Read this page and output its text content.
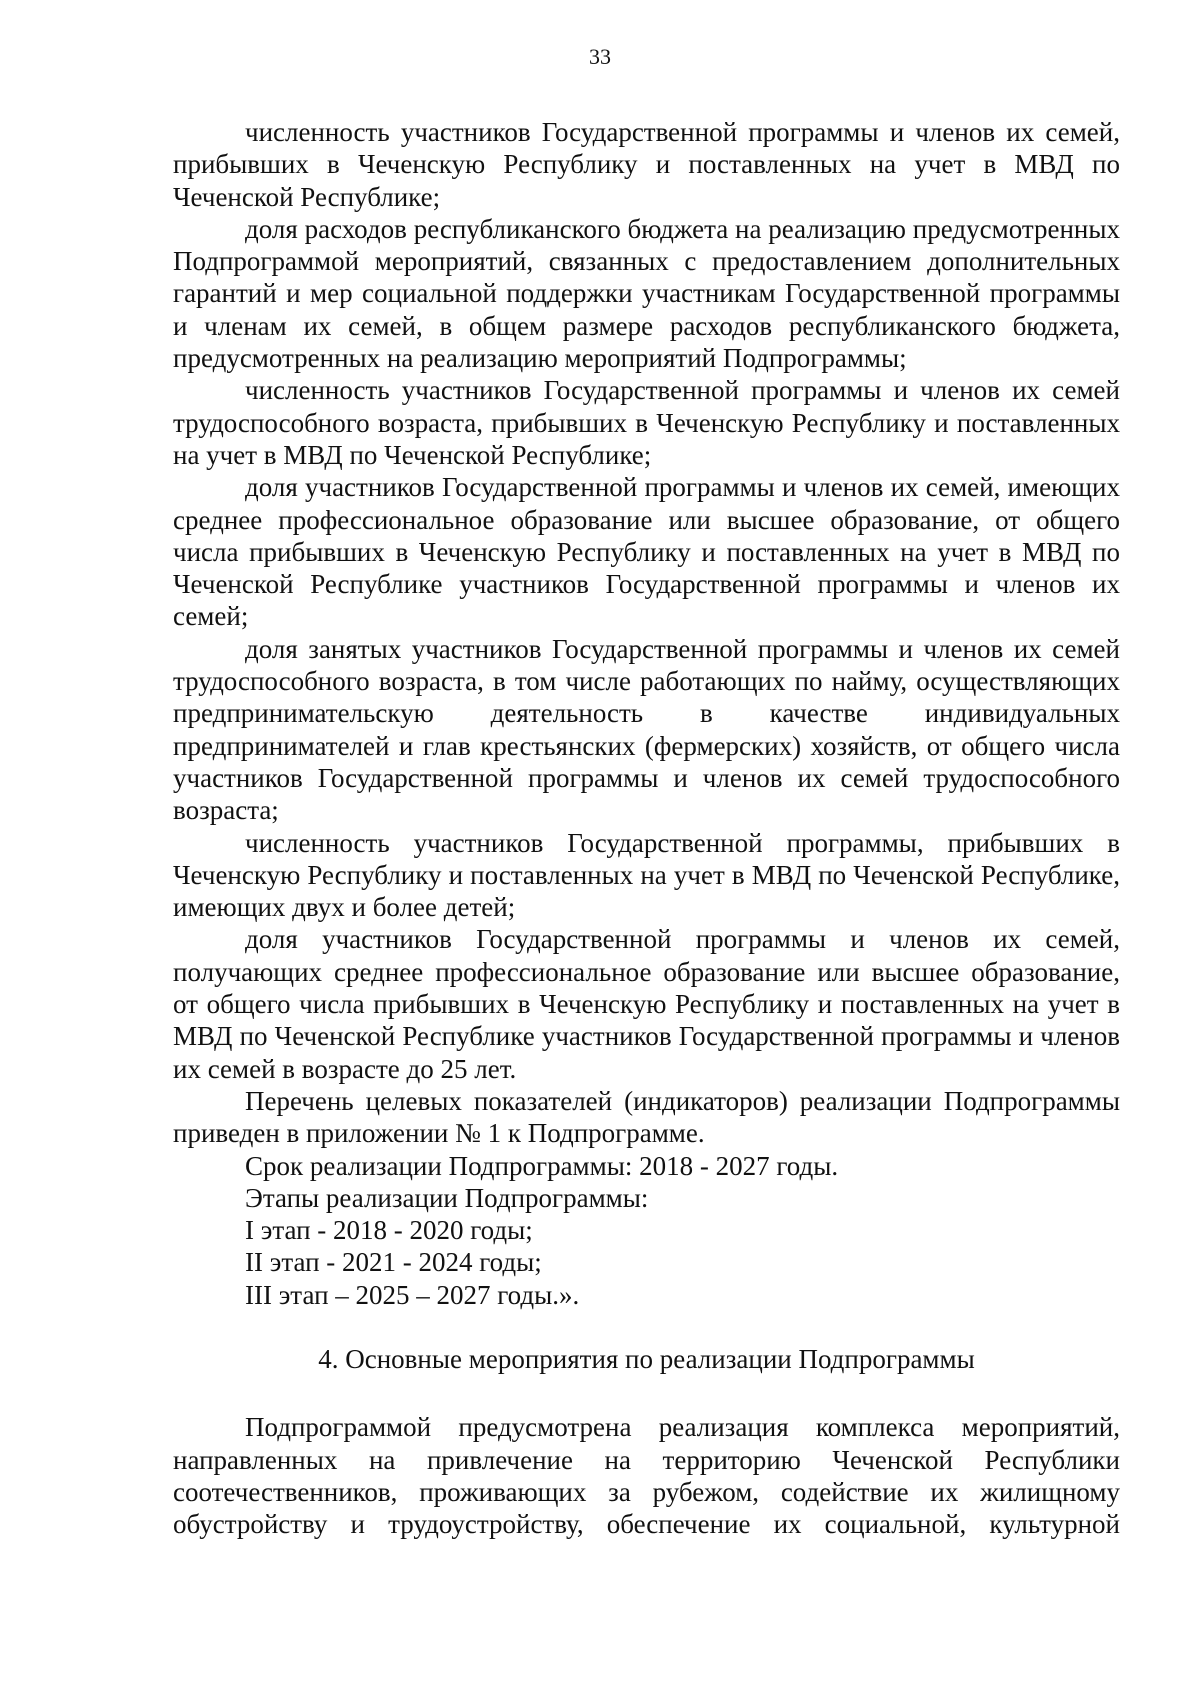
33

численность участников Государственной программы и членов их семей, прибывших в Чеченскую Республику и поставленных на учет в МВД по Чеченской Республике;

доля расходов республиканского бюджета на реализацию предусмотренных Подпрограммой мероприятий, связанных с предоставлением дополнительных гарантий и мер социальной поддержки участникам Государственной программы и членам их семей, в общем размере расходов республиканского бюджета, предусмотренных на реализацию мероприятий Подпрограммы;

численность участников Государственной программы и членов их семей трудоспособного возраста, прибывших в Чеченскую Республику и поставленных на учет в МВД по Чеченской Республике;

доля участников Государственной программы и членов их семей, имеющих среднее профессиональное образование или высшее образование, от общего числа прибывших в Чеченскую Республику и поставленных на учет в МВД по Чеченской Республике участников Государственной программы и членов их семей;

доля занятых участников Государственной программы и членов их семей трудоспособного возраста, в том числе работающих по найму, осуществляющих предпринимательскую деятельность в качестве индивидуальных предпринимателей и глав крестьянских (фермерских) хозяйств, от общего числа участников Государственной программы и членов их семей трудоспособного возраста;

численность участников Государственной программы, прибывших в Чеченскую Республику и поставленных на учет в МВД по Чеченской Республике, имеющих двух и более детей;

доля участников Государственной программы и членов их семей, получающих среднее профессиональное образование или высшее образование, от общего числа прибывших в Чеченскую Республику и поставленных на учет в МВД по Чеченской Республике участников Государственной программы и членов их семей в возрасте до 25 лет.

Перечень целевых показателей (индикаторов) реализации Подпрограммы приведен в приложении № 1 к Подпрограмме.

Срок реализации Подпрограммы: 2018 - 2027 годы.

Этапы реализации Подпрограммы:

I этап - 2018 - 2020 годы;

II этап - 2021 - 2024 годы;

III этап – 2025 – 2027 годы.».

4. Основные мероприятия по реализации Подпрограммы

Подпрограммой предусмотрена реализация комплекса мероприятий, направленных на привлечение на территорию Чеченской Республики соотечественников, проживающих за рубежом, содействие их жилищному обустройству и трудоустройству, обеспечение их социальной, культурной
